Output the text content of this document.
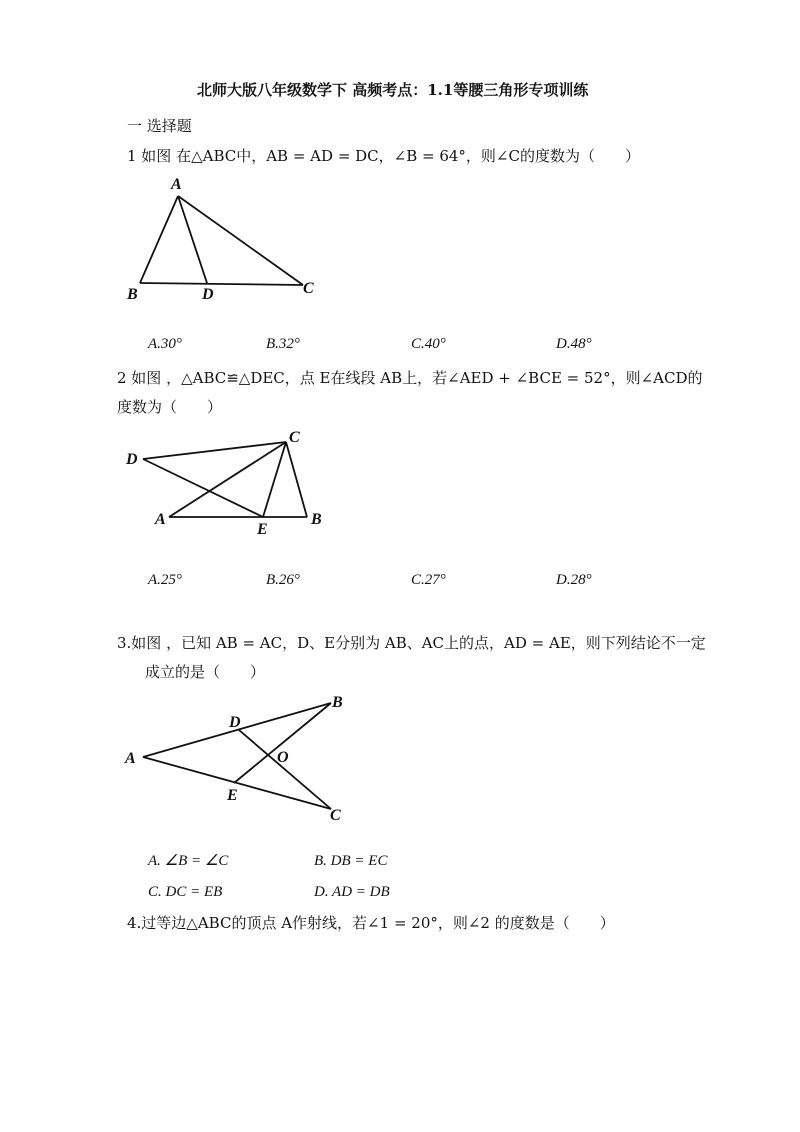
北师大版八年级数学下 高频考点：1.1等腰三角形专项训练
一 选择题
1 如图 在△ABC中，AB = AD = DC，∠B = 64°，则∠C的度数为（　　）
A
B	D	C
A.30°	B.32°	C.40°	D.48°
2 如图 ，△ABC≌△DEC，点 E在线段 AB上，若∠AED + ∠BCE = 52°，则∠ACD的
度数为（　　）
D
C
A
E
B
A.25°	B.26°	C.27°	D.28°
3.如图 ，已知 AB = AC，D、E分别为 AB、AC上的点，AD = AE，则下列结论不一定
成立的是（　　）
B
D
A	O
E
C
A. ∠B = ∠C	B. DB = EC
C. DC = EB	D. AD = DB
4.过等边△ABC的顶点 A作射线，若∠1 = 20°，则∠2 的度数是（　　）
